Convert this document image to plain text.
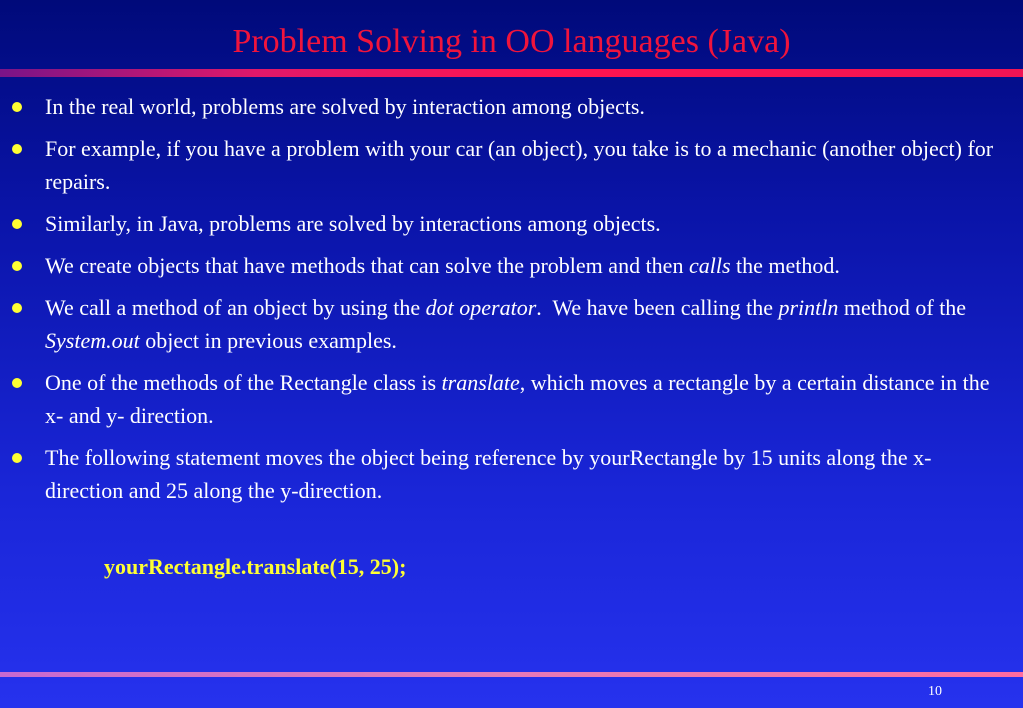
Problem Solving in OO languages (Java)
In the real world, problems are solved by interaction among objects.
For example, if you have a problem with your car (an object), you take is to a mechanic (another object) for repairs.
Similarly, in Java, problems are solved by interactions among objects.
We create objects that have methods that can solve the problem and then calls the method.
We call a method of an object by using the dot operator.  We have been calling the println method of the System.out object in previous examples.
One of the methods of the Rectangle class is translate, which moves a rectangle by a certain distance in the x- and y- direction.
The following statement moves the object being reference by yourRectangle by 15 units along the x-direction and 25 along the y-direction.
yourRectangle.translate(15, 25);
10
